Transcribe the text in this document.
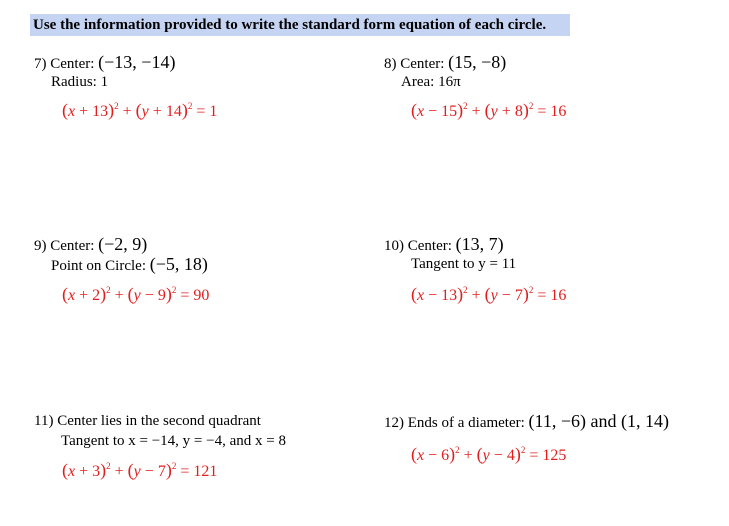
Use the information provided to write the standard form equation of each circle.
7) Center: (−13, −14)
Radius: 1
$(x + 13)^2 + (y + 14)^2 = 1$
8) Center: (15, −8)
Area: 16π
$(x - 15)^2 + (y + 8)^2 = 16$
9) Center: (−2, 9)
Point on Circle: (−5, 18)
$(x + 2)^2 + (y - 9)^2 = 90$
10) Center: (13, 7)
Tangent to y = 11
$(x - 13)^2 + (y - 7)^2 = 16$
11) Center lies in the second quadrant
Tangent to x = −14, y = −4, and x = 8
$(x + 3)^2 + (y - 7)^2 = 121$
12) Ends of a diameter: (11, −6) and (1, 14)
$(x - 6)^2 + (y - 4)^2 = 125$
